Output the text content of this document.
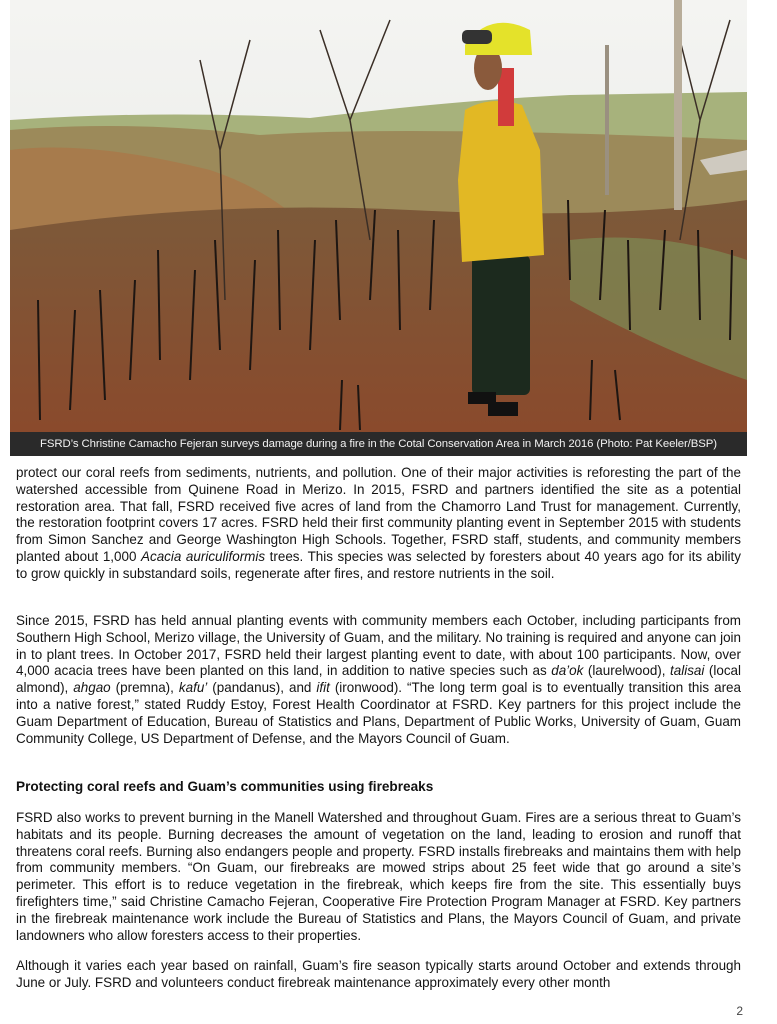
FSRD’s Christine Camacho Fejeran surveys damage during a fire in the Cotal Conservation Area in March 2016 (Photo: Pat Keeler/BSP)

protect our coral reefs from sediments, nutrients, and pollution. One of their major activities is reforesting the part of the watershed accessible from Quinene Road in Merizo. In 2015, FSRD and partners identified the site as a potential restoration area. That fall, FSRD received five acres of land from the Chamorro Land Trust for management. Currently, the restoration footprint covers 17 acres. FSRD held their first community planting event in September 2015 with students from Simon Sanchez and George Washington High Schools. Together, FSRD staff, students, and community members planted about 1,000 Acacia auriculiformis trees. This species was selected by foresters about 40 years ago for its ability to grow quickly in substandard soils, regenerate after fires, and restore nutrients in the soil.

Since 2015, FSRD has held annual planting events with community members each October, including participants from Southern High School, Merizo village, the University of Guam, and the military. No training is required and anyone can join in to plant trees. In October 2017, FSRD held their largest planting event to date, with about 100 participants. Now, over 4,000 acacia trees have been planted on this land, in addition to native species such as da’ok (laurelwood), talisai (local almond), ahgao (premna), kafu’ (pandanus), and ifit (ironwood). “The long term goal is to eventually transition this area into a native forest,” stated Ruddy Estoy, Forest Health Coordinator at FSRD. Key partners for this project include the Guam Department of Education, Bureau of Statistics and Plans, Department of Public Works, University of Guam, Guam Community College, US Department of Defense, and the Mayors Council of Guam.

Protecting coral reefs and Guam’s communities using firebreaks

FSRD also works to prevent burning in the Manell Watershed and throughout Guam. Fires are a serious threat to Guam’s habitats and its people. Burning decreases the amount of vegetation on the land, leading to erosion and runoff that threatens coral reefs. Burning also endangers people and property. FSRD installs firebreaks and maintains them with help from community members. “On Guam, our firebreaks are mowed strips about 25 feet wide that go around a site’s perimeter. This effort is to reduce vegetation in the firebreak, which keeps fire from the site. This essentially buys firefighters time,” said Christine Camacho Fejeran, Cooperative Fire Protection Program Manager at FSRD. Key partners in the firebreak maintenance work include the Bureau of Statistics and Plans, the Mayors Council of Guam, and private landowners who allow foresters access to their properties.

Although it varies each year based on rainfall, Guam’s fire season typically starts around October and extends through June or July. FSRD and volunteers conduct firebreak maintenance approximately every other month

2
